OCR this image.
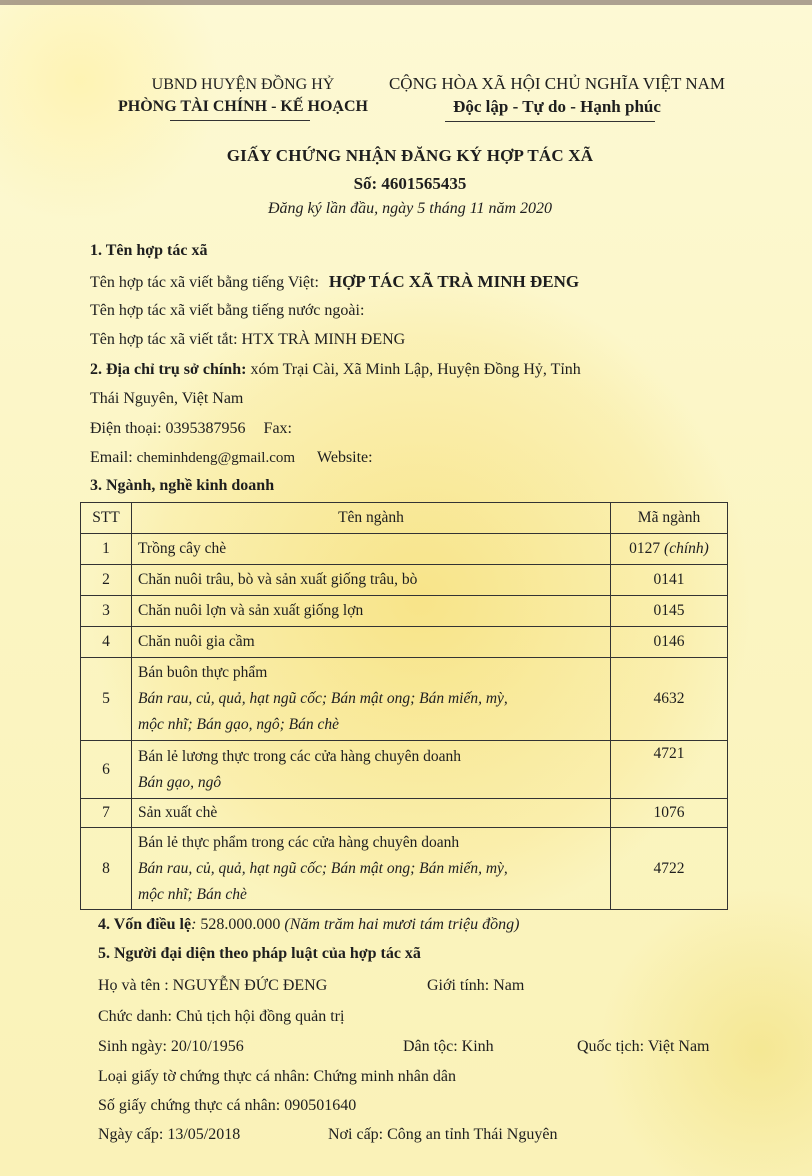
UBND HUYỆN ĐỒNG HỶ
PHÒNG TÀI CHÍNH - KẾ HOẠCH
CỘNG HÒA XÃ HỘI CHỦ NGHĨA VIỆT NAM
Độc lập - Tự do - Hạnh phúc
GIẤY CHỨNG NHẬN ĐĂNG KÝ HỢP TÁC XÃ
Số: 4601565435
Đăng ký lần đầu, ngày 5 tháng 11 năm 2020
1. Tên hợp tác xã
Tên hợp tác xã viết bằng tiếng Việt: HỢP TÁC XÃ TRÀ MINH ĐENG
Tên hợp tác xã viết bằng tiếng nước ngoài:
Tên hợp tác xã viết tắt: HTX TRÀ MINH ĐENG
2. Địa chỉ trụ sở chính: xóm Trại Cài, Xã Minh Lập, Huyện Đồng Hỷ, Tỉnh
Thái Nguyên, Việt Nam
Điện thoại: 0395387956 Fax:
Email: cheminhdeng@gmail.com Website:
3. Ngành, nghề kinh doanh
STT	Tên ngành	Mã ngành
1	Trồng cây chè	0127 (chính)
2	Chăn nuôi trâu, bò và sản xuất giống trâu, bò	0141
3	Chăn nuôi lợn và sản xuất giống lợn	0145
4	Chăn nuôi gia cầm	0146
5	Bán buôn thực phẩm
Bán rau, củ, quả, hạt ngũ cốc; Bán mật ong; Bán miến, mỳ,
mộc nhĩ; Bán gạo, ngô; Bán chè	4632
6	Bán lẻ lương thực trong các cửa hàng chuyên doanh
Bán gạo, ngô	4721
7	Sản xuất chè	1076
8	Bán lẻ thực phẩm trong các cửa hàng chuyên doanh
Bán rau, củ, quả, hạt ngũ cốc; Bán mật ong; Bán miến, mỳ,
mộc nhĩ; Bán chè	4722
4. Vốn điều lệ: 528.000.000 (Năm trăm hai mươi tám triệu đồng)
5. Người đại diện theo pháp luật của hợp tác xã
Họ và tên : NGUYỄN ĐỨC ĐENG	Giới tính: Nam
Chức danh: Chủ tịch hội đồng quản trị
Sinh ngày: 20/10/1956	Dân tộc: Kinh	Quốc tịch: Việt Nam
Loại giấy tờ chứng thực cá nhân: Chứng minh nhân dân
Số giấy chứng thực cá nhân: 090501640
Ngày cấp: 13/05/2018	Nơi cấp: Công an tỉnh Thái Nguyên
